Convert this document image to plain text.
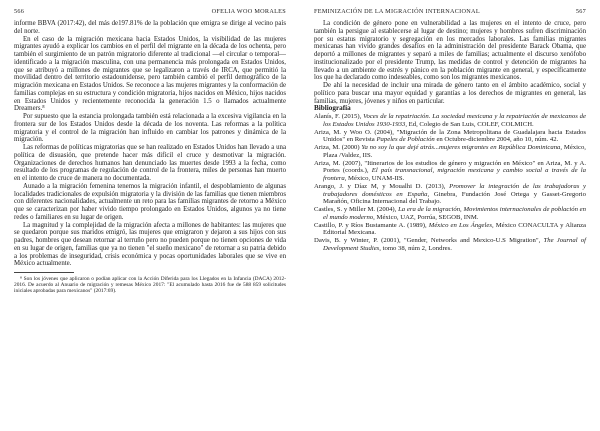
566	OFELIA WOO MORALES

informe BBVA (2017:42), del más de197.81% de la población que emigra se dirige al vecino país del norte.

En el caso de la migración mexicana hacia Estados Unidos, la visibilidad de las mujeres migrantes ayudó a explicar los cambios en el perfil del migrante en la década de los ochenta, pero también el surgimiento de un patrón migratorio diferente al tradicional —el circular o temporal— identificado a la migración masculina, con una permanencia más prolongada en Estados Unidos, que se atribuyó a millones de migrantes que se legalizaron a través de IRCA, que permitió la movilidad dentro del territorio estadounidense, pero también cambió el perfil demográfico de la migración mexicana en Estados Unidos. Se reconoce a las mujeres migrantes y la conformación de familias complejas en su estructura y condición migratoria, hijos nacidos en México, hijos nacidos en Estados Unidos y recientemente reconocida la generación 1.5 o llamados actualmente Dreamers.⁸

Por supuesto que la estancia prolongada también está relacionada a la excesiva vigilancia en la frontera sur de los Estados Unidos desde la década de los noventa. Las reformas a la política migratoria y el control de la migración han influido en cambiar los patrones y dinámica de la migración.

Las reformas de políticas migratorias que se han realizado en Estados Unidos han llevado a una política de disuasión, que pretende hacer más difícil el cruce y desmotivar la migración. Organizaciones de derechos humanos han denunciado las muertes desde 1993 a la fecha, como resultado de los programas de regulación de control de la frontera, miles de personas han muerto en el intento de cruce de manera no documentada.

Aunado a la migración femenina tenemos la migración infantil, el despoblamiento de algunas localidades tradicionales de expulsión migratoria y la división de las familias que tienen miembros con diferentes nacionalidades, actualmente un reto para las familias migrantes de retorno a México que se caracterizan por haber vivido tiempo prolongado en Estados Unidos, algunos ya no tiene redes o familiares en su lugar de origen.

La magnitud y la complejidad de la migración afecta a millones de habitantes: las mujeres que se quedaron porque sus maridos emigró, las mujeres que emigraron y dejaron a sus hijos con sus padres, hombres que desean retornar al terruño pero no pueden porque no tienen opciones de vida en su lugar de origen, familias que ya no tienen "el sueño mexicano" de retornar a su patria debido a los problemas de inseguridad, crisis económica y pocas oportunidades laborales que se vive en México actualmente.

⁸ Son los jóvenes que aplicaron o podían aplicar con la Acción Diferida para los Llegados en la Infancia (DACA) 2012-2016. De acuerdo al Anuario de migración y remesas México 2017: "El acumulado hasta 2016 fue de 588 859 solicitudes iniciales aprobadas para mexicanos" (2017:69).

FEMINIZACIÓN DE LA MIGRACIÓN INTERNACIONAL	567

La condición de género pone en vulnerabilidad a las mujeres en el intento de cruce, pero también la persigue al establecerse al lugar de destino; mujeres y hombres sufren discriminación por su estatus migratorio y segregación en los mercados laborales. Las familias migrantes mexicanas han vivido grandes desafíos en la administración del presidente Barack Obama, que deportó a millones de migrantes y separó a miles de familias; actualmente el discurso xenófobo institucionalizado por el presidente Trump, las medidas de control y detención de migrantes ha llevado a un ambiente de estrés y pánico en la población migrante en general, y específicamente los que ha declarado como indeseables, como son los migrantes mexicanos.

De ahí la necesidad de incluir una mirada de género tanto en el ámbito académico, social y político para buscar una mayor equidad y garantías a los derechos de migrantes en general, las familias, mujeres, jóvenes y niños en particular.

Bibliografía

Alanís, F. (2015), Voces de la repatriación. La sociedad mexicana y la repatriación de mexicanos de los Estados Unidos 1930-1933, Ed, Colegio de San Luis, COLEF, COLMICH.

Ariza, M. y Woo O. (2004), "Migración de la Zona Metropolitana de Guadalajara hacia Estados Unidos" en Revista Papeles de Población en Octubre-diciembre 2004, año 10, núm. 42.

Ariza, M. (2000) Ya no soy la que dejé atrás...mujeres migrantes en República Dominicana, México, Plaza /Valdez, IIS.

Ariza, M. (2007), "Itinerarios de los estudios de género y migración en México" en Ariza, M. y A. Portes (coords.), El país transnacional, migración mexicana y cambio social a través de la frontera, México, UNAM-IIS.

Arango, J. y Díaz M, y Moualhi D. (2013), Promover la integración de las trabajadoras y trabajadores domésticos en España, Ginebra, Fundación José Ortega y Gasset-Gregorio Marañón, Oficina Internacional del Trabajo.

Castles, S. y Miller M. (2004), La era de la migración, Movimientos internacionales de población en el mundo moderno, México, UAZ, Porrúa, SEGOB, INM.

Castillo, P. y Ríos Bustamante A. (1989), México en Los Ángeles, México CONACULTA y Alianza Editorial Mexicana.

Davis, B. y Winter, P. (2001), "Gender, Networks and Mexico-U.S Migration", The Journal of Development Studies, tomo 38, núm 2, Londres.
